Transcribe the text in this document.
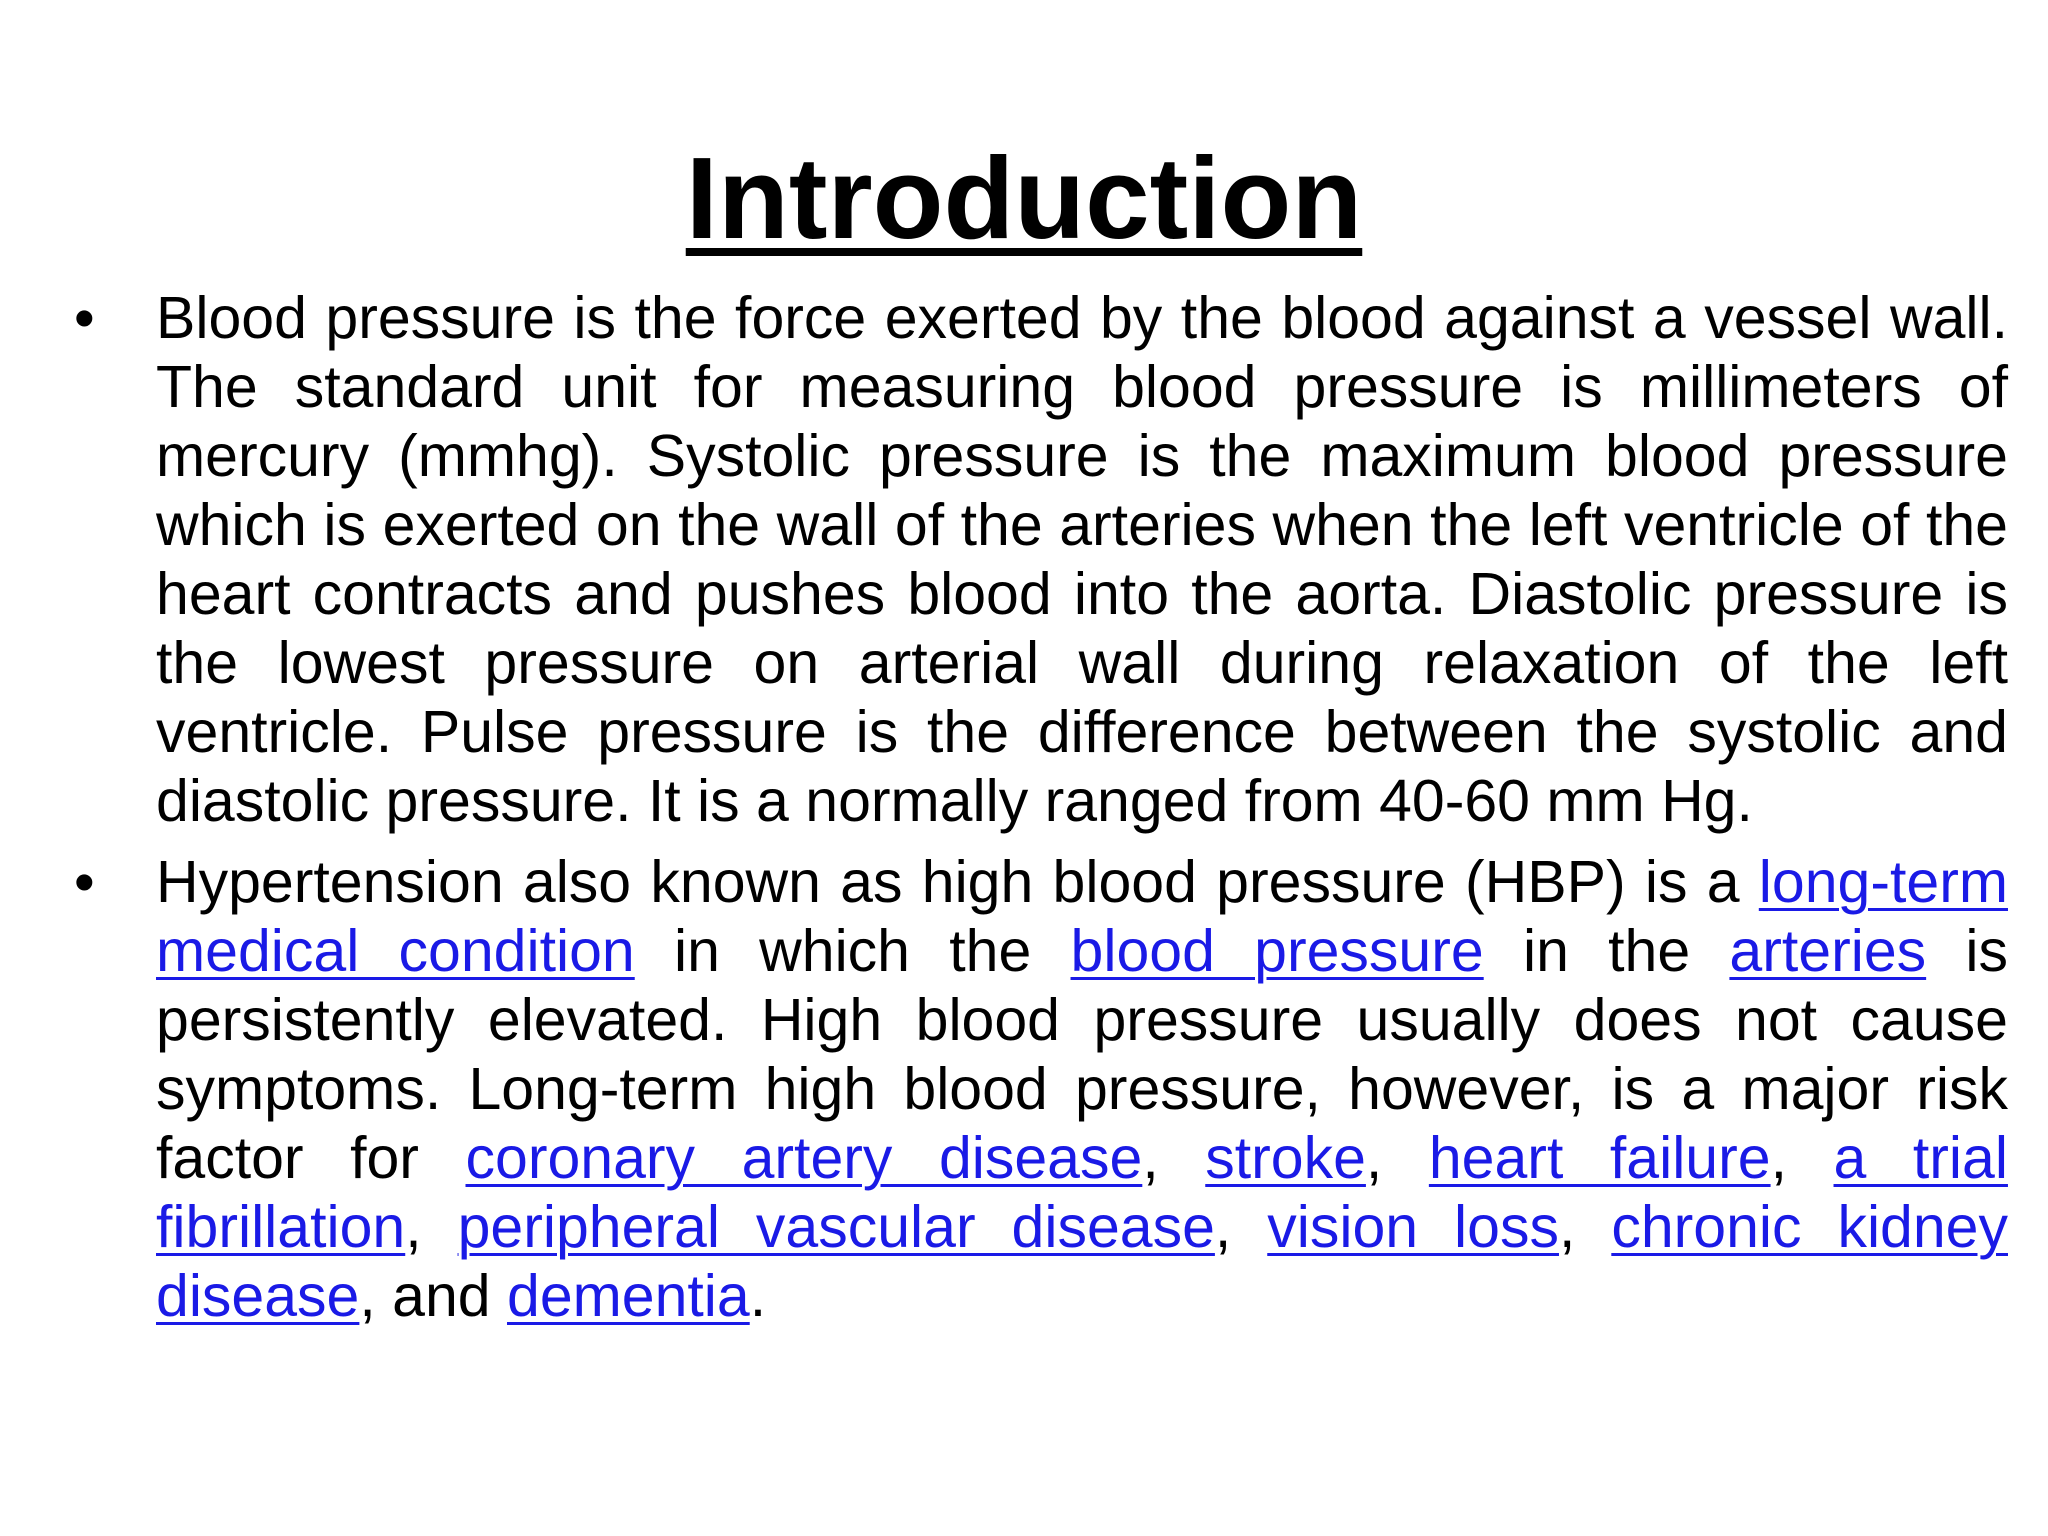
Introduction
• Blood pressure is the force exerted by the blood against a vessel wall. The standard unit for measuring blood pressure is millimeters of mercury (mmhg). Systolic pressure is the maximum blood pressure which is exerted on the wall of the arteries when the left ventricle of the heart contracts and pushes blood into the aorta. Diastolic pressure is the lowest pressure on arterial wall during relaxation of the left ventricle. Pulse pressure is the difference between the systolic and diastolic pressure. It is a normally ranged from 40-60 mm Hg.
• Hypertension also known as high blood pressure (HBP) is a long-term medical condition in which the blood pressure in the arteries is persistently elevated. High blood pressure usually does not cause symptoms. Long-term high blood pressure, however, is a major risk factor for coronary artery disease, stroke, heart failure, a trial fibrillation, peripheral vascular disease, vision loss, chronic kidney disease, and dementia.
